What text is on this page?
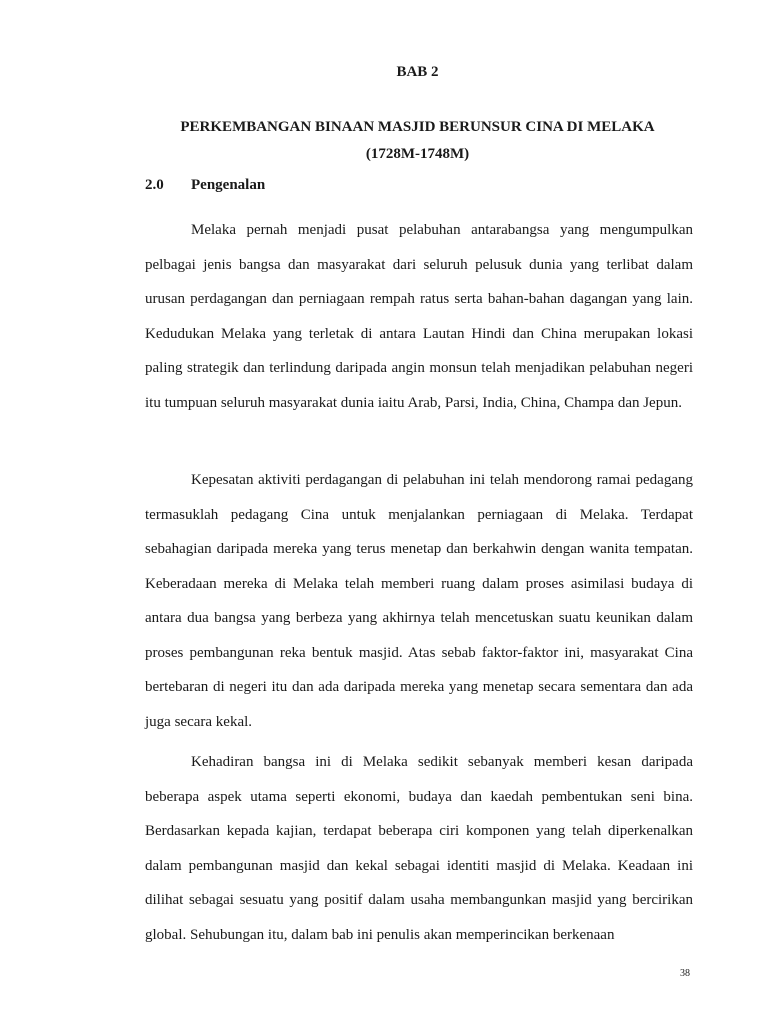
BAB 2

PERKEMBANGAN BINAAN MASJID BERUNSUR CINA DI MELAKA
(1728M-1748M)

2.0 Pengenalan

Melaka pernah menjadi pusat pelabuhan antarabangsa yang mengumpulkan pelbagai jenis bangsa dan masyarakat dari seluruh pelusuk dunia yang terlibat dalam urusan perdagangan dan perniagaan rempah ratus serta bahan-bahan dagangan yang lain. Kedudukan Melaka yang terletak di antara Lautan Hindi dan China merupakan lokasi paling strategik dan terlindung daripada angin monsun telah menjadikan pelabuhan negeri itu tumpuan seluruh masyarakat dunia iaitu Arab, Parsi, India, China, Champa dan Jepun.

Kepesatan aktiviti perdagangan di pelabuhan ini telah mendorong ramai pedagang termasuklah pedagang Cina untuk menjalankan perniagaan di Melaka. Terdapat sebahagian daripada mereka yang terus menetap dan berkahwin dengan wanita tempatan. Keberadaan mereka di Melaka telah memberi ruang dalam proses asimilasi budaya di antara dua bangsa yang berbeza yang akhirnya telah mencetuskan suatu keunikan dalam proses pembangunan reka bentuk masjid. Atas sebab faktor-faktor ini, masyarakat Cina bertebaran di negeri itu dan ada daripada mereka yang menetap secara sementara dan ada juga secara kekal.

Kehadiran bangsa ini di Melaka sedikit sebanyak memberi kesan daripada beberapa aspek utama seperti ekonomi, budaya dan kaedah pembentukan seni bina. Berdasarkan kepada kajian, terdapat beberapa ciri komponen yang telah diperkenalkan dalam pembangunan masjid dan kekal sebagai identiti masjid di Melaka. Keadaan ini dilihat sebagai sesuatu yang positif dalam usaha membangunkan masjid yang bercirikan global. Sehubungan itu, dalam bab ini penulis akan memperincikan berkenaan

38
